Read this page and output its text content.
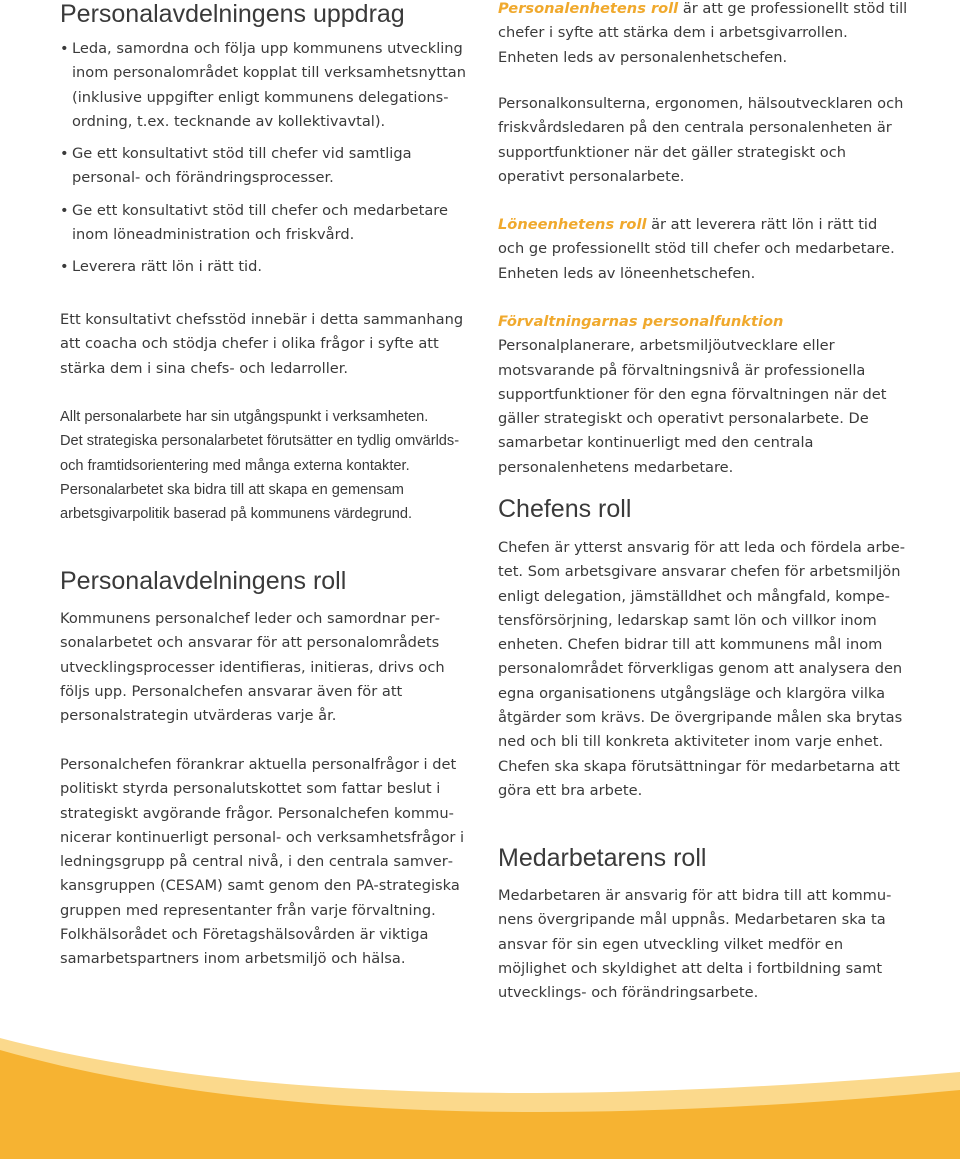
Personalavdelningens uppdrag
• Leda, samordna och följa upp kommunens utveckling inom personalområdet kopplat till verksamhetsnyttan (inklusive uppgifter enligt kommunens delegationsordning, t.ex. tecknande av kollektivavtal).
• Ge ett konsultativt stöd till chefer vid samtliga personal- och förändringsprocesser.
• Ge ett konsultativt stöd till chefer och medarbetare inom löneadministration och friskvård.
• Leverera rätt lön i rätt tid.

Ett konsultativt chefsstöd innebär i detta sammanhang att coacha och stödja chefer i olika frågor i syfte att stärka dem i sina chefs- och ledarroller.

Allt personalarbete har sin utgångspunkt i verksamheten.
Det strategiska personalarbetet förutsätter en tydlig omvärlds- och framtidsorientering med många externa kontakter. Personalarbetet ska bidra till att skapa en gemensam arbetsgivarpolitik baserad på kommunens värdegrund.
Personalavdelningens roll

Kommunens personalchef leder och samordnar personalarbetet och ansvarar för att personalområdets utvecklingsprocesser identifieras, initieras, drivs och följs upp. Personalchefen ansvarar även för att personalstrategin utvärderas varje år.

Personalchefen förankrar aktuella personalfrågor i det politiskt styrda personalutskottet som fattar beslut i strategiskt avgörande frågor. Personalchefen kommunicerar kontinuerligt personal- och verksamhetsfrågor i ledningsgrupp på central nivå, i den centrala samverkansgruppen (CESAM) samt genom den PA-strategiska gruppen med representanter från varje förvaltning. Folkhälsorådet och Företagshälsovården är viktiga samarbetspartners inom arbetsmiljö och hälsa.

Personalenhetens roll är att ge professionellt stöd till chefer i syfte att stärka dem i arbetsgivarrollen. Enheten leds av personalenhetschefen.

Personalkonsulterna, ergonomen, hälsoutvecklaren och friskvårdsledaren på den centrala personalenheten är supportfunktioner när det gäller strategiskt och operativt personalarbete.

Löneenhetens roll är att leverera rätt lön i rätt tid och ge professionellt stöd till chefer och medarbetare. Enheten leds av löneenhetschefen.

Förvaltningarnas personalfunktion Personalplanerare, arbetsmiljöutvecklare eller motsvarande på förvaltningsnivå är professionella supportfunktioner för den egna förvaltningen när det gäller strategiskt och operativt personalarbete. De samarbetar kontinuerligt med den centrala personalenhetens medarbetare.

Chefens roll

Chefen är ytterst ansvarig för att leda och fördela arbetet. Som arbetsgivare ansvarar chefen för arbetsmiljön enligt delegation, jämställdhet och mångfald, kompetensförsörjning, ledarskap samt lön och villkor inom enheten. Chefen bidrar till att kommunens mål inom personalområdet förverkligas genom att analysera den egna organisationens utgångsläge och klargöra vilka åtgärder som krävs. De övergripande målen ska brytas ned och bli till konkreta aktiviteter inom varje enhet. Chefen ska skapa förutsättningar för medarbetarna att göra ett bra arbete.

Medarbetarens roll

Medarbetaren är ansvarig för att bidra till att kommunens övergripande mål uppnås. Medarbetaren ska ta ansvar för sin egen utveckling vilket medför en möjlighet och skyldighet att delta i fortbildning samt utvecklings- och förändringsarbete.
